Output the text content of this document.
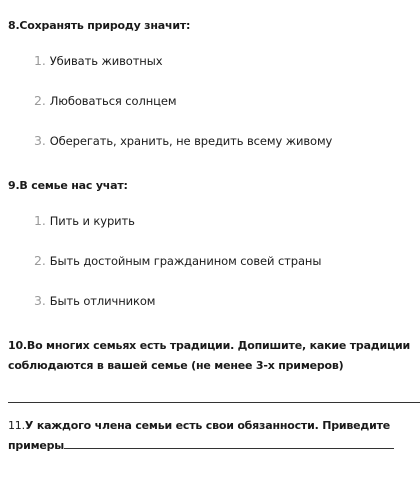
8.Сохранять природу значит:
1. Убивать животных
2. Любоваться солнцем
3. Оберегать, хранить, не вредить всему живому
9.В семье нас учат:
1. Пить и курить
2. Быть достойным гражданином совей страны
3. Быть отличником
10.Во многих семьях есть традиции. Допишите, какие традиции соблюдаются в вашей семье (не менее 3-х примеров)
11.У каждого члена семьи есть свои обязанности. Приведите примеры
